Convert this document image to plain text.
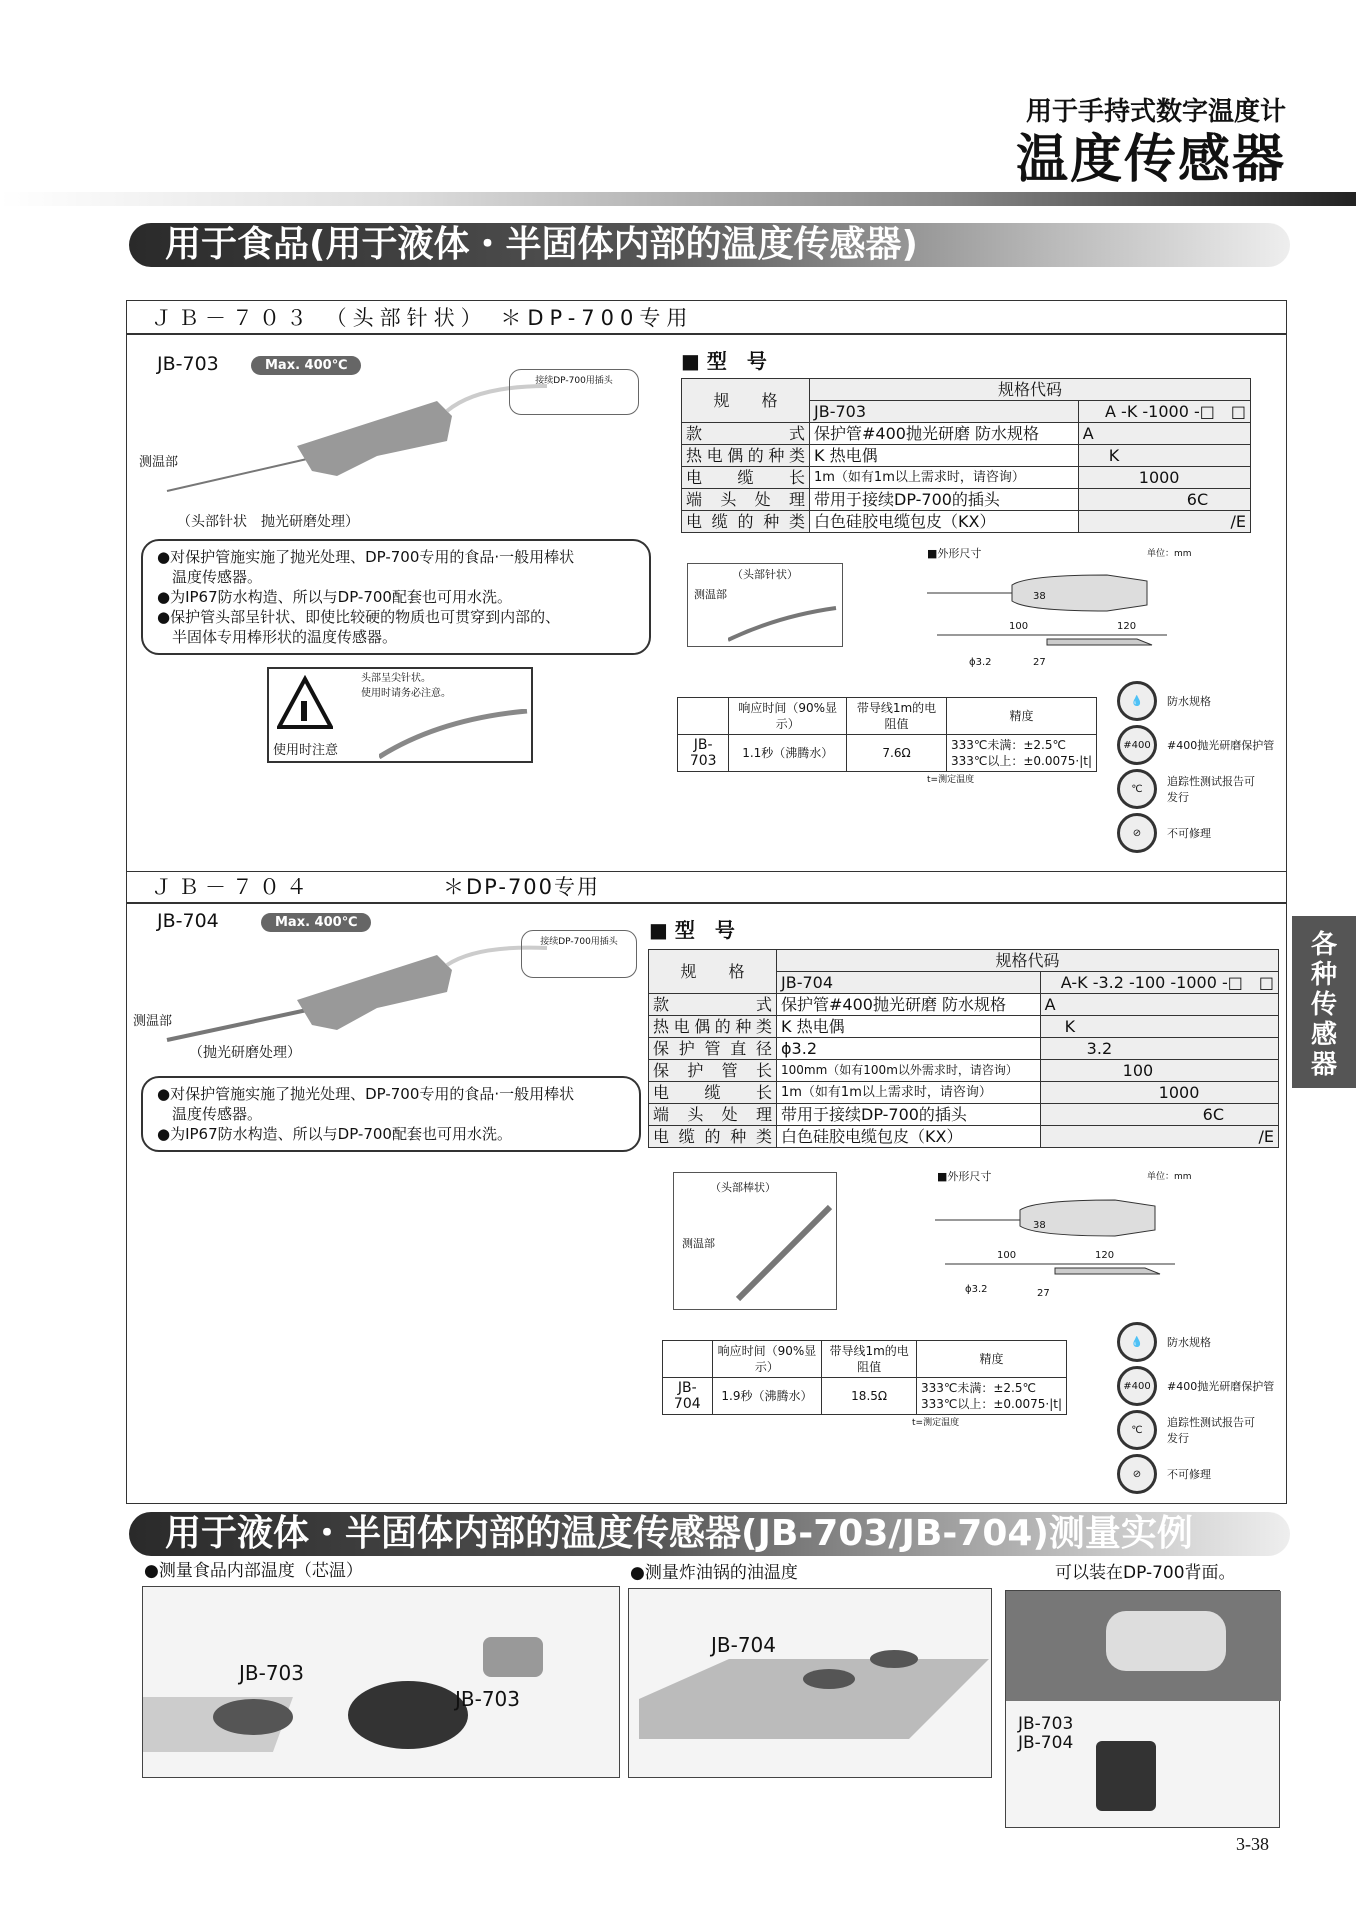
用于手持式数字温度计
温度传感器
用于食品(用于液体・半固体内部的温度传感器)
ＪＢ－７０３ （头部针状） ＊DP-700专用
JB-703	Max. 400℃
接续DP-700用插头
测温部
（头部针状　抛光研磨处理）
●对保护管施实施了抛光处理、DP-700专用的食品·一般用棒状
　温度传感器。
●为IP67防水构造、所以与DP-700配套也可用水洗。
●保护管头部呈针状、即使比较硬的物质也可贯穿到内部的、
　半固体专用棒形状的温度传感器。
使用时注意
头部呈尖针状。
使用时请务必注意。
■ 型　号
规　　格	规格代码	
	JB-703	A -K -1000 -□　□
款　　式	保护管#400抛光研磨 防水规格	A
热电偶的种类	K 热电偶	K
电　缆　长	1m（如有1m以上需求时，请咨询）	1000
端 头 处 理	带用于接续DP-700的插头	6C
电 缆 的 种 类	白色硅胶电缆包皮（KX）	/E
（头部针状）
测温部
■外形尺寸	单位：mm
100	120
38
27
ϕ3.2
	响应时间（90%显示）	带导线1m的电阻值	精度
JB-703	1.1秒（沸腾水）	7.6Ω	333℃未满：±2.5℃
333℃以上：±0.0075·|t|
t=测定温度
💧	防水规格
#400	#400抛光研磨保护管
℃
追踪性测试报告可发行
⊘	不可修理
ＪＢ－７０４	＊DP-700专用
JB-704	Max. 400℃
接续DP-700用插头
测温部
（抛光研磨处理）
●对保护管施实施了抛光处理、DP-700专用的食品·一般用棒状
　温度传感器。
●为IP67防水构造、所以与DP-700配套也可用水洗。
■ 型　号
规　　格	规格代码	
	JB-704	A-K -3.2 -100 -1000 -□　□
款　　式	保护管#400抛光研磨 防水规格	A
热电偶的种类	K 热电偶	K
保护管直径	ϕ3.2	3.2
保 护 管 长	100mm（如有100m以外需求时，请咨询）	100
电　缆　长	1m（如有1m以上需求时，请咨询）	1000
端 头 处 理	带用于接续DP-700的插头	6C
电 缆 的 种 类	白色硅胶电缆包皮（KX）	/E
（头部棒状）
测温部
■外形尺寸	单位：mm
100	120
38
27
ϕ3.2
	响应时间（90%显示）	带导线1m的电阻值	精度
JB-704	1.9秒（沸腾水）	18.5Ω	333℃未满：±2.5℃
333℃以上：±0.0075·|t|
t=测定温度
💧	防水规格
#400	#400抛光研磨保护管
℃
追踪性测试报告可发行
⊘	不可修理
各种传感器
用于液体・半固体内部的温度传感器(JB-703/JB-704)测量实例
●测量食品内部温度（芯温）	●测量炸油锅的油温度	可以装在DP-700背面。
JB-703
JB-703
JB-704
JB-703
JB-704
3-38
